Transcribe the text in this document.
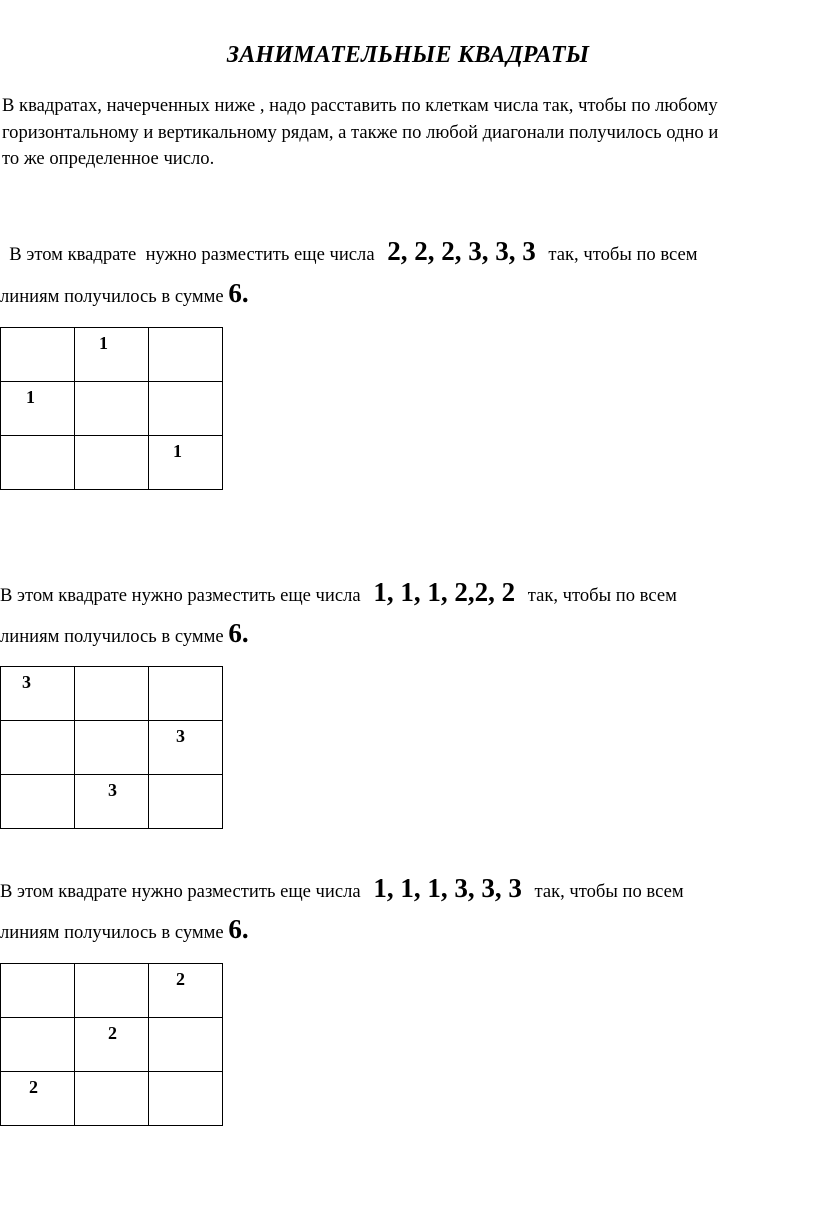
ЗАНИМАТЕЛЬНЫЕ КВАДРАТЫ
В квадратах, начерченных ниже , надо расставить по клеткам числа так, чтобы по любому
горизонтальному и вертикальному рядам, а также по любой диагонали получилось одно и
то же определенное число.
В этом квадрате  нужно разместить еще числа 2, 2, 2, 3, 3, 3 так, чтобы по всем
линиям получилось в сумме 6.

	1	

1		

		1
В этом квадрате нужно разместить еще числа 1, 1, 1, 2,2, 2 так, чтобы по всем
линиям получилось в сумме 6.
3		

		3

	3	

В этом квадрате нужно разместить еще числа 1, 1, 1, 3, 3, 3 так, чтобы по всем
линиям получилось в сумме 6.

		2

	2	

2		
